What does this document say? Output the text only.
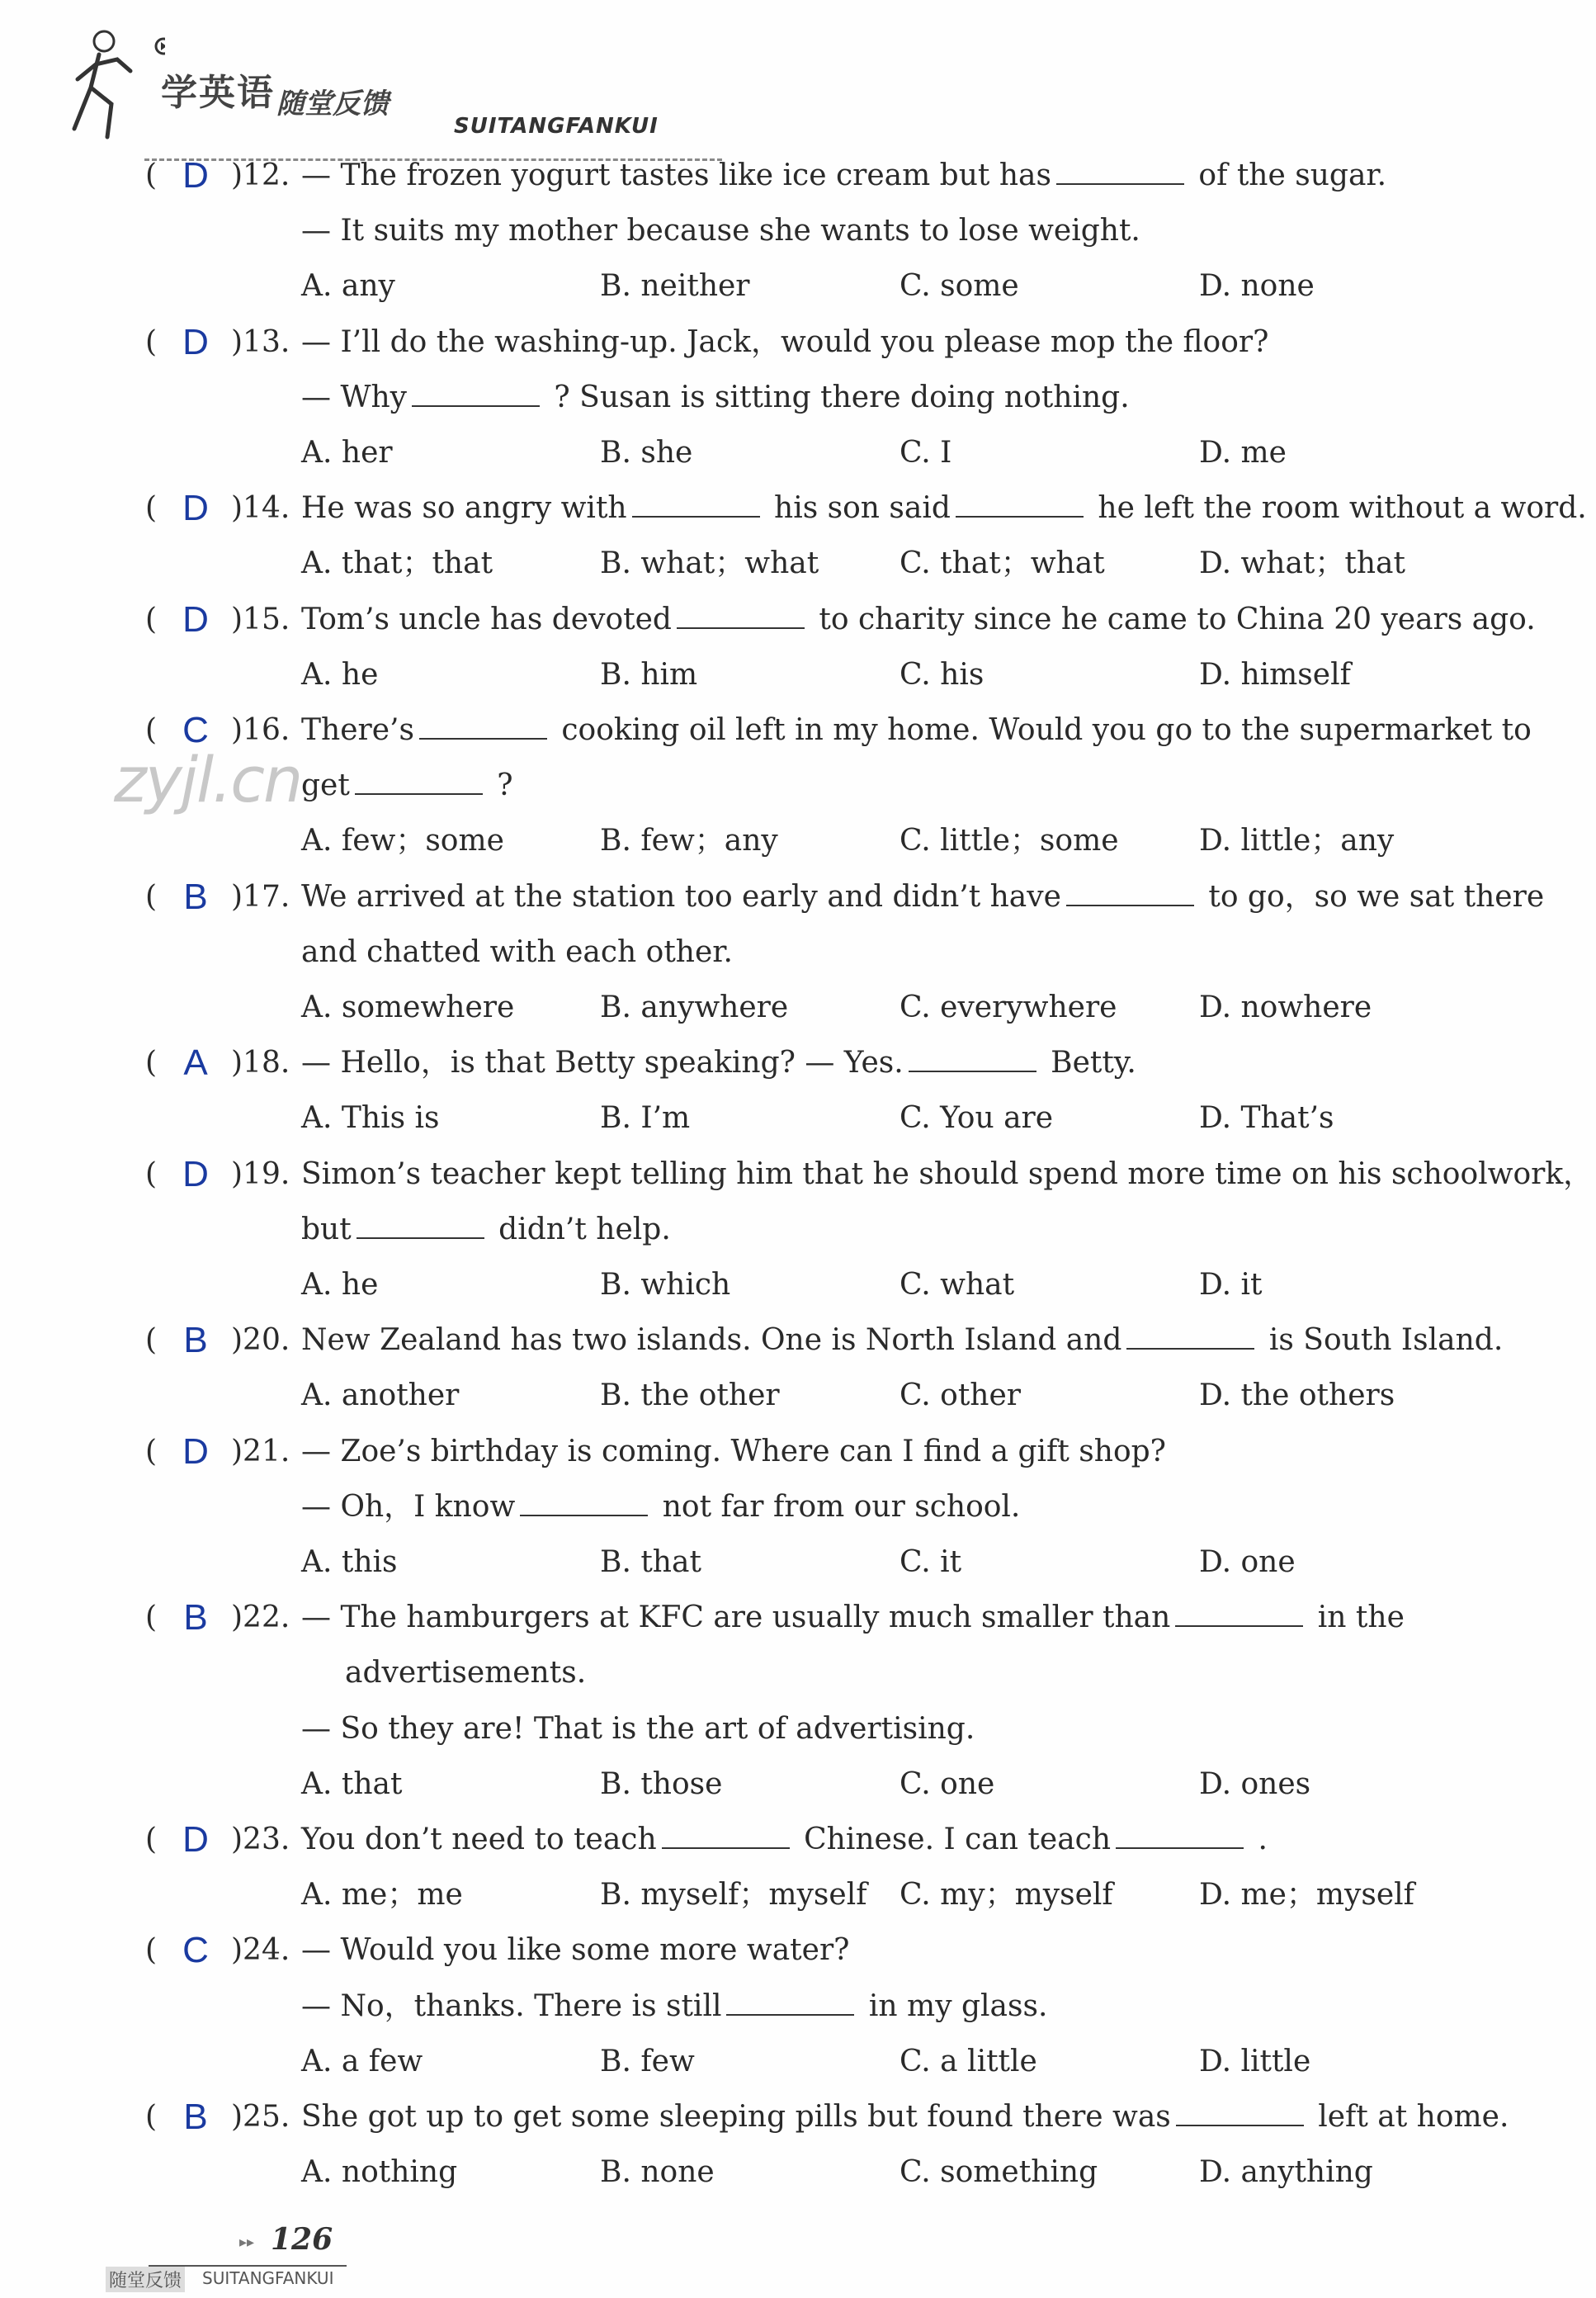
学英语 随堂反馈
SUITANGFANKUI
zyjl.cn
( D )12. — The frozen yogurt tastes like ice cream but has	of the sugar.
— It suits my mother because she wants to lose weight.
A. any	B. neither	C. some	D. none
( D )13. — I’ll do the washing-up. Jack，would you please mop the floor?
— Why	? Susan is sitting there doing nothing.
A. her	B. she	C. I	D. me
( D )14. He was so angry with	his son said	he left the room without a word.
A. that；that	B. what；what	C. that；what	D. what；that
( D )15. Tom’s uncle has devoted	to charity since he came to China 20 years ago.
A. he	B. him	C. his	D. himself
( C )16. There’s	cooking oil left in my home. Would you go to the supermarket to
get	?
A. few；some	B. few；any	C. little；some	D. little；any
( B )17. We arrived at the station too early and didn’t have	to go，so we sat there
and chatted with each other.
A. somewhere	B. anywhere	C. everywhere	D. nowhere
( A )18. — Hello，is that Betty speaking? — Yes.	Betty.
A. This is	B. I’m	C. You are	D. That’s
( D )19. Simon’s teacher kept telling him that he should spend more time on his schoolwork，
but	didn’t help.
A. he	B. which	C. what	D. it
( B )20. New Zealand has two islands. One is North Island and	is South Island.
A. another	B. the other	C. other	D. the others
( D )21. — Zoe’s birthday is coming. Where can I find a gift shop?
— Oh，I know	not far from our school.
A. this	B. that	C. it	D. one
( B )22. — The hamburgers at KFC are usually much smaller than	in the
advertisements.
— So they are! That is the art of advertising.
A. that	B. those	C. one	D. ones
( D )23. You don’t need to teach	Chinese. I can teach	.
A. me；me	B. myself；myself C. my；myself	D. me；myself
( C )24. — Would you like some more water?
— No，thanks. There is still	in my glass.
A. a few	B. few	C. a little	D. little
( B )25. She got up to get some sleeping pills but found there was	left at home.
A. nothing	B. none	C. something	D. anything
▸▸ 126
随堂反馈 SUITANGFANKUI
